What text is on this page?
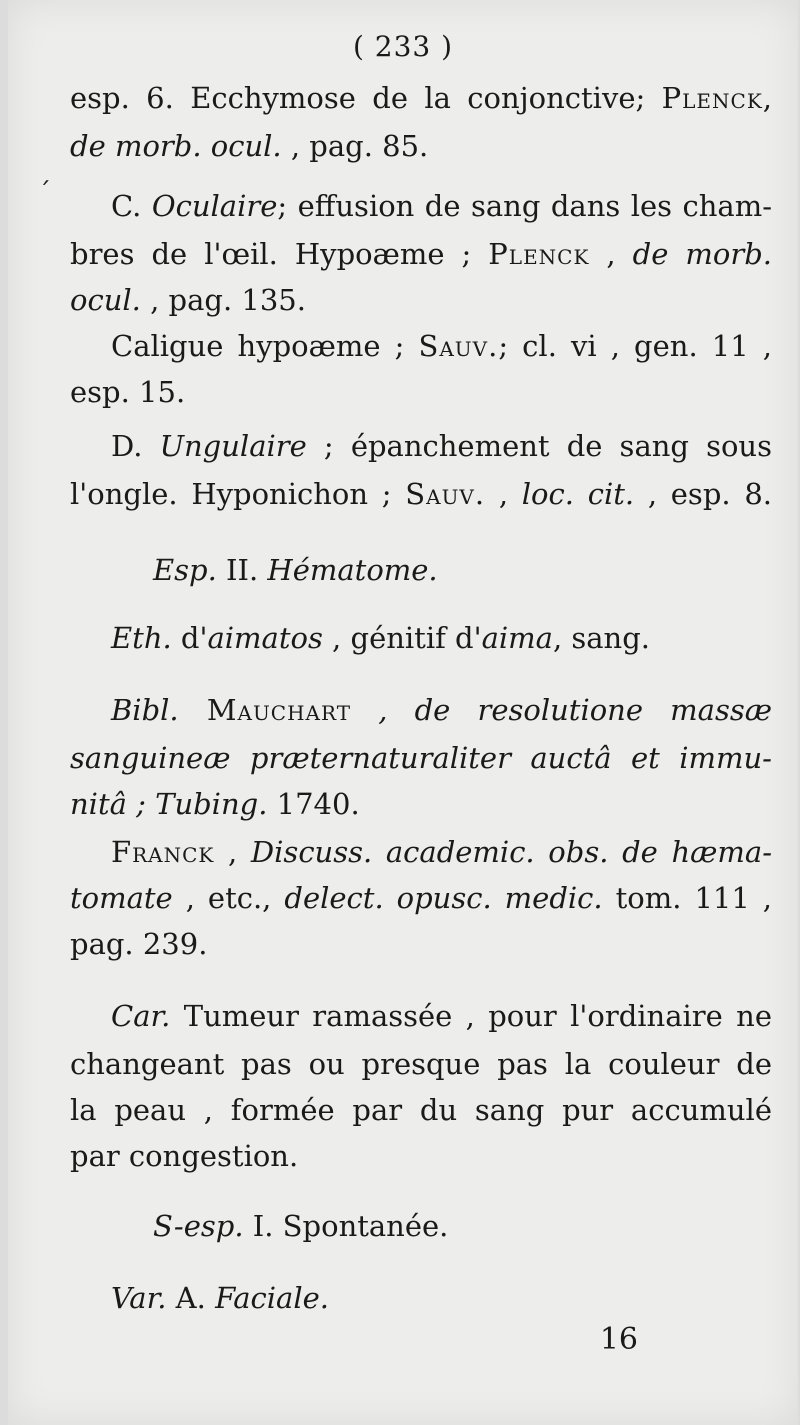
( 233 )
ˊ
esp. 6. Ecchymose de la conjonctive; Plenck,
de morb. ocul. , pag. 85.
C. Oculaire; effusion de sang dans les cham-
bres de l'œil. Hypoæme ; Plenck , de morb.
ocul. , pag. 135.
Caligue hypoæme ; Sauv.; cl. vi , gen. 11 ,
esp. 15.
D. Ungulaire ; épanchement de sang sous
l'ongle. Hyponichon ; Sauv. , loc. cit. , esp. 8.
Esp. II. Hématome.
Eth. d'aimatos , génitif d'aima, sang.
Bibl. Mauchart , de resolutione massæ
sanguineæ præternaturaliter auctâ et immu-
nitâ ; Tubing. 1740.
Franck , Discuss. academic. obs. de hæma-
tomate , etc., delect. opusc. medic. tom. 111 ,
pag. 239.
Car. Tumeur ramassée , pour l'ordinaire ne
changeant pas ou presque pas la couleur de
la peau , formée par du sang pur accumulé
par congestion.
S-esp. I. Spontanée.
Var. A. Faciale.
16
